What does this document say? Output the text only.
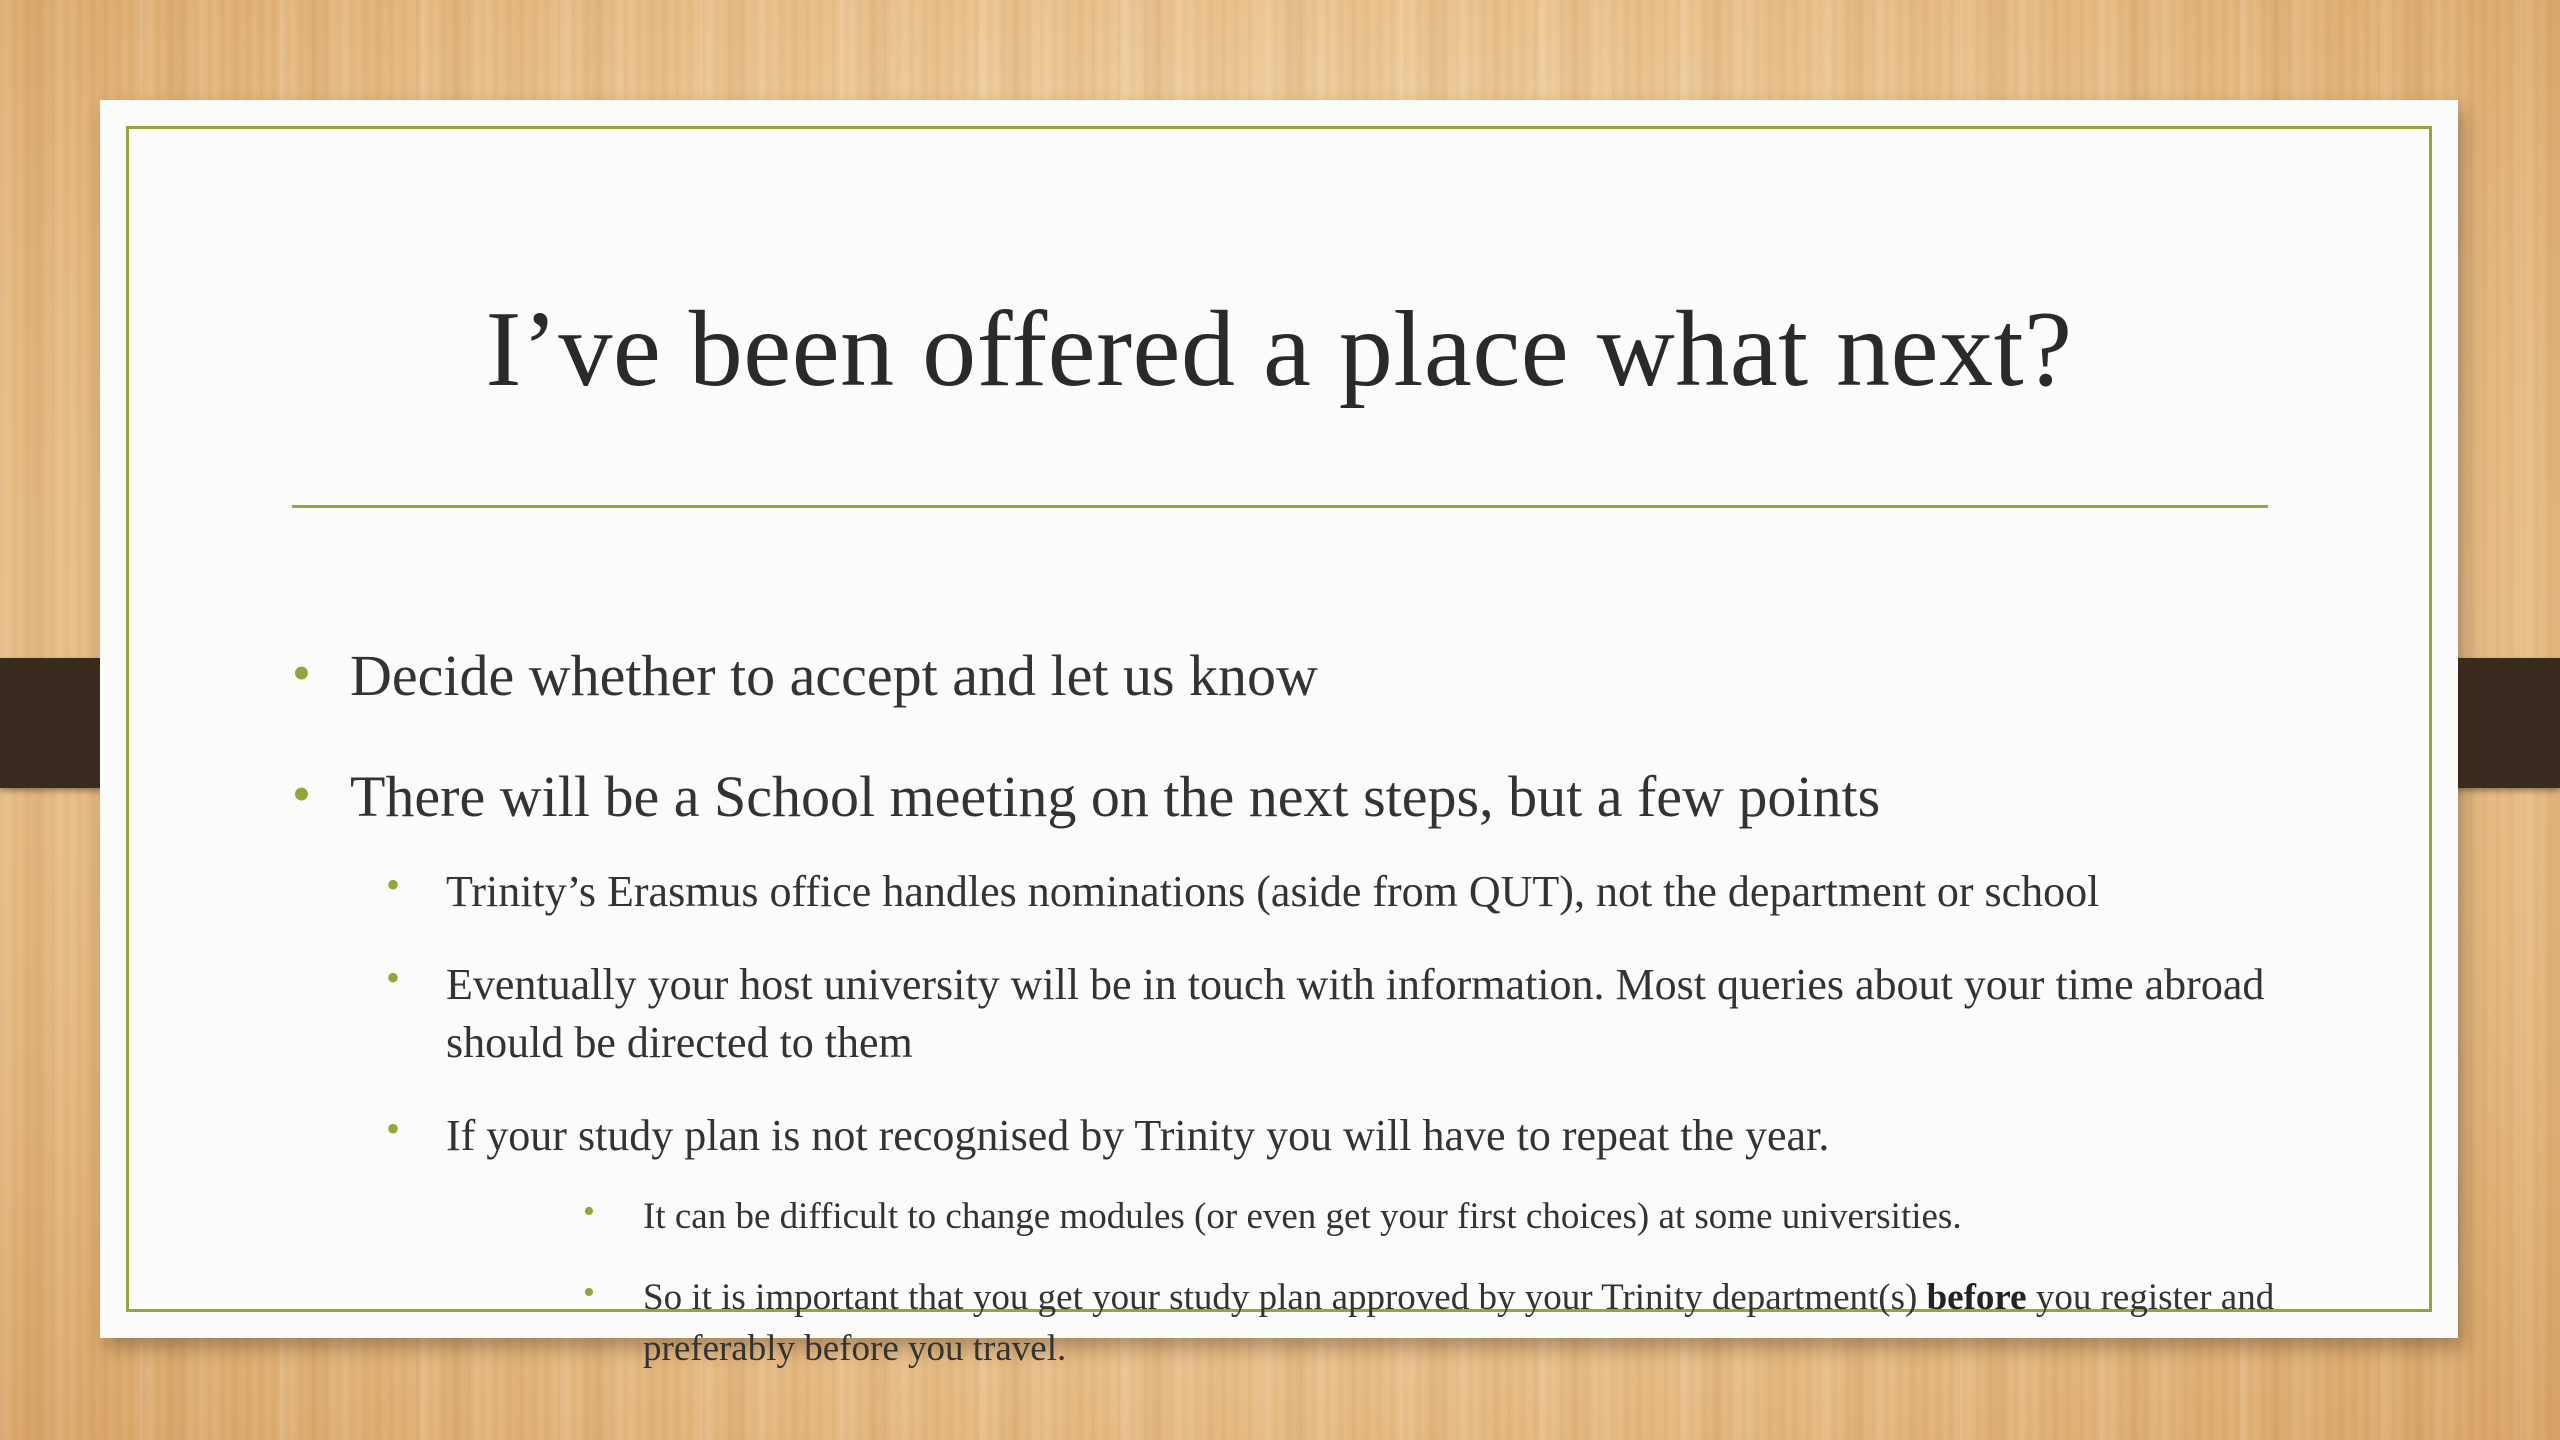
I’ve been offered a place what next?

• Decide whether to accept and let us know

• There will be a School meeting on the next steps, but a few points

• Trinity’s Erasmus office handles nominations (aside from QUT), not the department or school

• Eventually your host university will be in touch with information. Most queries about your time abroad should be directed to them

• If your study plan is not recognised by Trinity you will have to repeat the year.

• It can be difficult to change modules (or even get your first choices) at some universities.

• So it is important that you get your study plan approved by your Trinity department(s) before you register and preferably before you travel.
